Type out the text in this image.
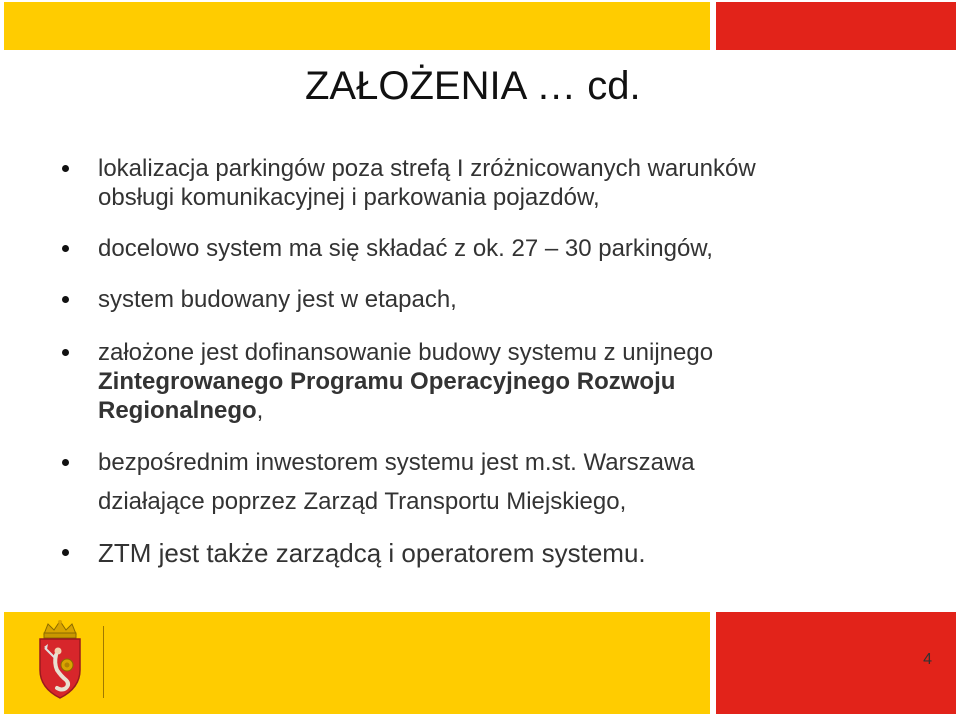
ZAŁOŻENIA … cd.
lokalizacja parkingów poza strefą I zróżnicowanych warunków
obsługi komunikacyjnej i parkowania pojazdów,
docelowo system ma się składać z ok. 27 – 30 parkingów,
system budowany jest w etapach,
założone jest dofinansowanie budowy systemu z unijnego
Zintegrowanego Programu Operacyjnego Rozwoju
Regionalnego,
bezpośrednim inwestorem systemu jest m.st. Warszawa
działające poprzez Zarząd Transportu Miejskiego,
ZTM jest także zarządcą i operatorem systemu.
4
